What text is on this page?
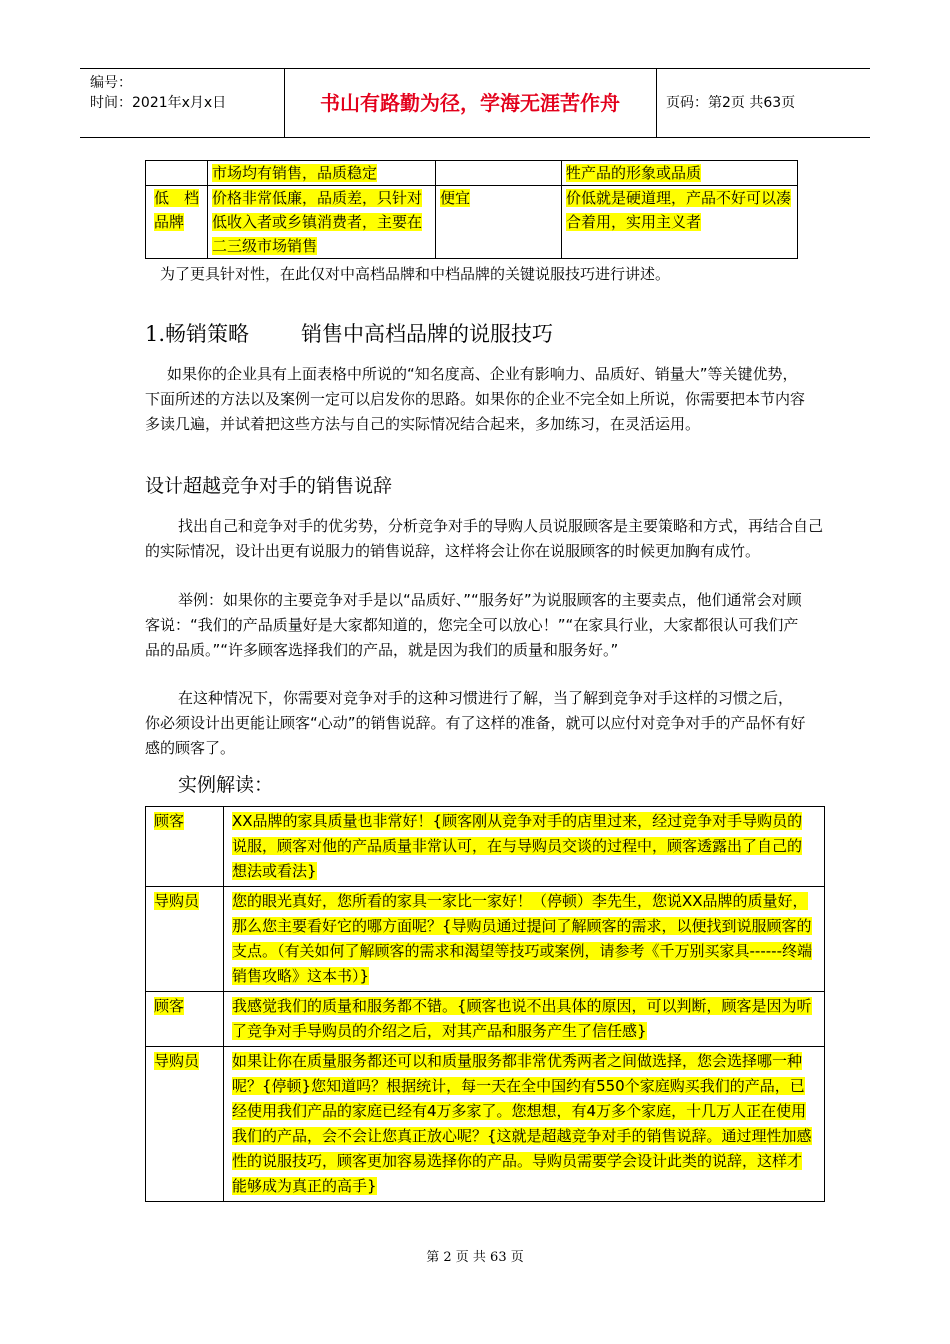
编号：
时间：2021年x月x日	书山有路勤为径，学海无涯苦作舟	页码：第2页 共63页
	市场均有销售，品质稳定		牲产品的形象或品质
低　档品牌	价格非常低廉，品质差，只针对低收入者或乡镇消费者，主要在二三级市场销售	便宜	价低就是硬道理，产品不好可以凑合着用，实用主义者
为了更具针对性，在此仅对中高档品牌和中档品牌的关键说服技巧进行讲述。
1.畅销策略 销售中高档品牌的说服技巧
如果你的企业具有上面表格中所说的“知名度高、企业有影响力、品质好、销量大”等关键优势，下面所述的方法以及案例一定可以启发你的思路。如果你的企业不完全如上所说，你需要把本节内容多读几遍，并试着把这些方法与自己的实际情况结合起来，多加练习，在灵活运用。
设计超越竞争对手的销售说辞
找出自己和竞争对手的优劣势，分析竞争对手的导购人员说服顾客是主要策略和方式，再结合自己的实际情况，设计出更有说服力的销售说辞，这样将会让你在说服顾客的时候更加胸有成竹。
举例：如果你的主要竞争对手是以“品质好、”“服务好”为说服顾客的主要卖点，他们通常会对顾客说：“我们的产品质量好是大家都知道的，您完全可以放心！”“在家具行业，大家都很认可我们产品的品质。”“许多顾客选择我们的产品，就是因为我们的质量和服务好。”
在这种情况下，你需要对竞争对手的这种习惯进行了解，当了解到竞争对手这样的习惯之后，你必须设计出更能让顾客“心动”的销售说辞。有了这样的准备，就可以应付对竞争对手的产品怀有好感的顾客了。
实例解读：
顾客	XX品牌的家具质量也非常好！{顾客刚从竞争对手的店里过来，经过竞争对手导购员的说服，顾客对他的产品质量非常认可，在与导购员交谈的过程中，顾客透露出了自己的想法或看法}
导购员	您的眼光真好，您所看的家具一家比一家好！（停顿）李先生，您说XX品牌的质量好，那么您主要看好它的哪方面呢？{导购员通过提问了解顾客的需求，以便找到说服顾客的支点。（有关如何了解顾客的需求和渴望等技巧或案例，请参考《千万别买家具------终端销售攻略》这本书）}
顾客	我感觉我们的质量和服务都不错。{顾客也说不出具体的原因，可以判断，顾客是因为听了竞争对手导购员的介绍之后，对其产品和服务产生了信任感}
导购员	如果让你在质量服务都还可以和质量服务都非常优秀两者之间做选择，您会选择哪一种呢？{停顿}您知道吗？根据统计，每一天在全中国约有550个家庭购买我们的产品，已经使用我们产品的家庭已经有4万多家了。您想想，有4万多个家庭，十几万人正在使用我们的产品，会不会让您真正放心呢？{这就是超越竞争对手的销售说辞。通过理性加感性的说服技巧，顾客更加容易选择你的产品。导购员需要学会设计此类的说辞，这样才能够成为真正的高手}
第 2 页 共 63 页
